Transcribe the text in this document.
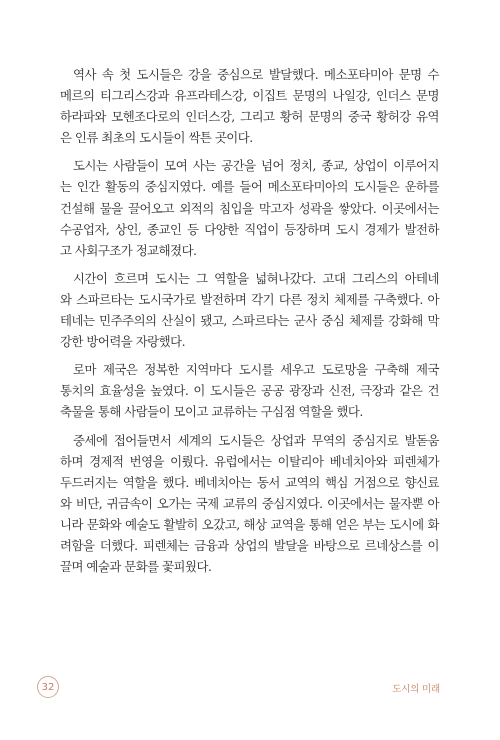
역사 속 첫 도시들은 강을 중심으로 발달했다. 메소포타미아 문명 수
메르의 티그리스강과 유프라테스강, 이집트 문명의 나일강, 인더스 문명
하라파와 모헨조다로의 인더스강, 그리고 황허 문명의 중국 황허강 유역
은 인류 최초의 도시들이 싹튼 곳이다.

도시는 사람들이 모여 사는 공간을 넘어 정치, 종교, 상업이 이루어지
는 인간 활동의 중심지였다. 예를 들어 메소포타미아의 도시들은 운하를
건설해 물을 끌어오고 외적의 침입을 막고자 성곽을 쌓았다. 이곳에서는
수공업자, 상인, 종교인 등 다양한 직업이 등장하며 도시 경제가 발전하
고 사회구조가 정교해졌다.

시간이 흐르며 도시는 그 역할을 넓혀나갔다. 고대 그리스의 아테네
와 스파르타는 도시국가로 발전하며 각기 다른 정치 체제를 구축했다. 아
테네는 민주주의의 산실이 됐고, 스파르타는 군사 중심 체제를 강화해 막
강한 방어력을 자랑했다.

로마 제국은 정복한 지역마다 도시를 세우고 도로망을 구축해 제국
통치의 효율성을 높였다. 이 도시들은 공공 광장과 신전, 극장과 같은 건
축물을 통해 사람들이 모이고 교류하는 구심점 역할을 했다.

중세에 접어들면서 세계의 도시들은 상업과 무역의 중심지로 발돋움
하며 경제적 번영을 이뤘다. 유럽에서는 이탈리아 베네치아와 피렌체가
두드러지는 역할을 했다. 베네치아는 동서 교역의 핵심 거점으로 향신료
와 비단, 귀금속이 오가는 국제 교류의 중심지였다. 이곳에서는 물자뿐 아
니라 문화와 예술도 활발히 오갔고, 해상 교역을 통해 얻은 부는 도시에 화
려함을 더했다. 피렌체는 금융과 상업의 발달을 바탕으로 르네상스를 이
끌며 예술과 문화를 꽃피웠다.

32	도시의 미래
